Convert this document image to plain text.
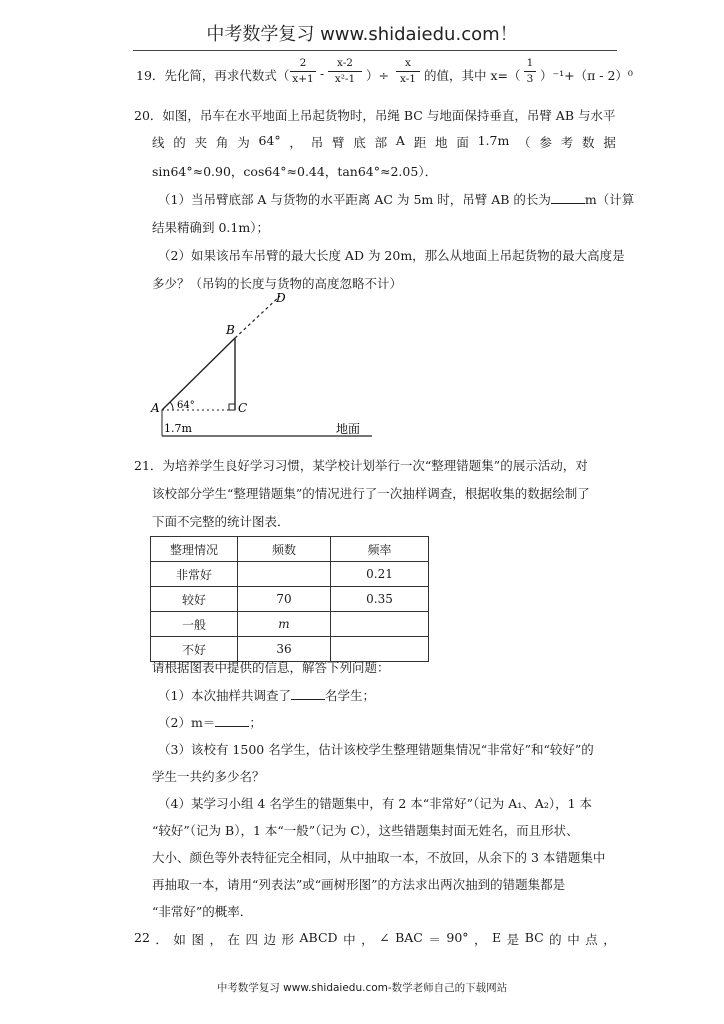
中考数学复习 www.shidaiedu.com！
19．先化简，再求代数式（
2
x+1 -
x-2
x²-1 ）÷
x
x-1 的值，其中 x=（
1
3 ）⁻¹+（π - 2）⁰
20．如图，吊车在水平地面上吊起货物时，吊绳 BC 与地面保持垂直，吊臂 AB 与水平
线 的 夹 角 为 64° ， 吊 臂 底 部 A 距 地 面 1.7m （ 参 考 数 据
sin64°≈0.90，cos64°≈0.44，tan64°≈2.05）．
（1）当吊臂底部 A 与货物的水平距离 AC 为 5m 时，吊臂 AB 的长为	m（计算
结果精确到 0.1m）；
（2）如果该吊车吊臂的最大长度 AD 为 20m，那么从地面上吊起货物的最大高度是
多少？（吊钩的长度与货物的高度忽略不计）
D
B
A	C
64°
1.7m	地面
21．为培养学生良好学习习惯，某学校计划举行一次“整理错题集”的展示活动，对
该校部分学生“整理错题集”的情况进行了一次抽样调查，根据收集的数据绘制了
下面不完整的统计图表．
整理情况	频数	频率
非常好		0.21
较好	70	0.35
一般	m	
不好	36	
请根据图表中提供的信息，解答下列问题：
（1）本次抽样共调查了	名学生；
（2）m＝	；
（3）该校有 1500 名学生，估计该校学生整理错题集情况“非常好”和“较好”的
学生一共约多少名？
（4）某学习小组 4 名学生的错题集中，有 2 本“非常好”（记为 A₁、A₂），1 本
“较好”（记为 B），1 本“一般”（记为 C），这些错题集封面无姓名，而且形状、
大小、颜色等外表特征完全相同，从中抽取一本，不放回，从余下的 3 本错题集中
再抽取一本，请用“列表法”或“画树形图”的方法求出两次抽到的错题集都是
“非常好”的概率．
22 ． 如 图 ， 在 四 边 形 ABCD 中 ， ∠ BAC ＝ 90° ， E 是 BC 的 中 点 ，
中考数学复习 www.shidaiedu.com-数学老师自己的下载网站
